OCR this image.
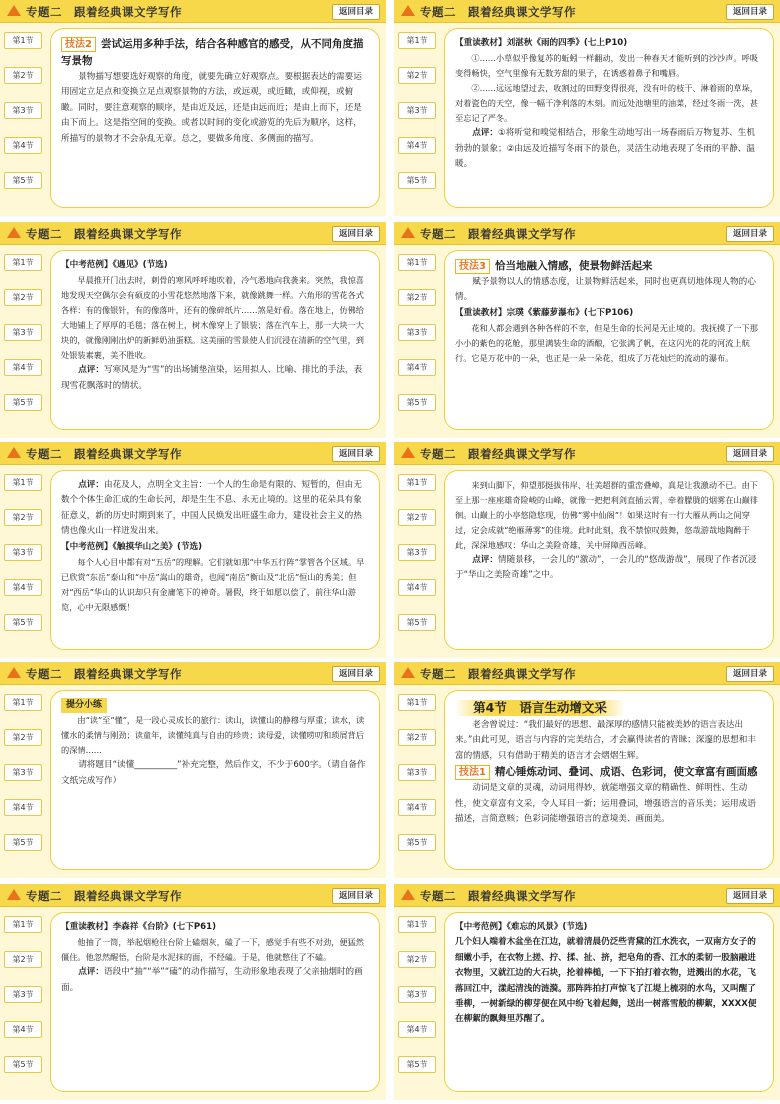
专题二　跟着经典课文学写作	返回目录
第1节
第2节
第3节
第4节
第5节

技法2 尝试运用多种手法，结合各种感官的感受，从不同角度描写景物

景物描写想要选好观察的角度，就要先确立好观察点。要根据表达的需要运用固定立足点和变换立足点观察景物的方法，或远观，或近瞰，或仰视，或俯瞰。同时，要注意观察的顺序，是由近及远，还是由远而近；是由上而下，还是由下而上。这是指空间的变换。或者以时间的变化或游览的先后为顺序，这样，所描写的景物才不会杂乱无章。总之，要做多角度、多侧面的描写。

专题二　跟着经典课文学写作	返回目录
第1节
第2节
第3节
第4节
第5节

【重读教材】刘湛秋《雨的四季》(七上P10)

①……小草似乎像复苏的蚯蚓一样翻动，发出一种春天才能听到的沙沙声。呼吸变得畅快，空气里像有无数芳甜的果子，在诱惑着鼻子和嘴唇。

②……远远地望过去，收割过的田野变得很亮，没有叶的枝干、淋着雨的草垛，对着瓷色的天空，像一幅干净利落的木刻。而远处池塘里的油菜，经过冬雨一洗，甚至忘记了严冬。

点评：①将听觉和嗅觉相结合，形象生动地写出一场春雨后万物复苏、生机勃勃的景象；②由远及近描写冬雨下的景色，灵活生动地表现了冬雨的平静、温暖。

专题二　跟着经典课文学写作	返回目录
第1节
第2节
第3节
第4节
第5节

【中考范例】《遇见》(节选)

早晨推开门出去时，刺骨的寒风呼呼地吹着，冷气悉地向我袭来。突然，我惊喜地发现天空偶尔会有硕皮的小雪花悠然地落下来，就像跳舞一样。六角形的雪花各式各样：有的像银针，有的像落叶，还有的像碎纸片……煞是好看。落在地上，仿佛给大地铺上了厚厚的毛毯；落在树上，树木像穿上了银装；落在汽车上，那一大块一大块的，就像刚刚出炉的新鲜奶油蛋糕。这美丽的雪景使人们沉浸在清新的空气里，到处银装素裹，美不胜收。

点评：写寒风是为“雪”的出场铺垫渲染，运用拟人、比喻、排比的手法，表现雪花飘落时的情状。

专题二　跟着经典课文学写作	返回目录
第1节
第2节
第3节
第4节
第5节

技法3 恰当地融入情感，使景物鲜活起来

赋予景物以人的情感态度，让景物鲜活起来，同时也更真切地体现人物的心情。

【重读教材】宗璞《紫藤萝瀑布》(七下P106)

花和人都会遇到各种各样的不幸，但是生命的长河是无止境的。我抚摸了一下那小小的紫色的花舱，那里满装生命的酒酿，它张满了帆，在这闪光的花的河流上航行。它是万花中的一朵，也正是一朵一朵花，组成了万花灿烂的流动的瀑布。

专题二　跟着经典课文学写作	返回目录
第1节
第2节
第3节
第4节
第5节

点评：由花及人，点明全文主旨：一个人的生命是有限的、短暂的，但由无数个个体生命汇成的生命长河，却是生生不息、永无止境的。这里的花朵具有象征意义，新的历史时期到来了，中国人民焕发出旺盛生命力，建设社会主义的热情也像火山一样迸发出来。

【中考范例】《触摸华山之美》(节选)

每个人心目中都有对“五岳”的理解。它们就如那“中华五行阵”掌管各个区域。早已欣赏“东岳”泰山和“中岳”嵩山的雄奇，也闻“南岳”衡山及“北岳”恒山的秀美；但对“西岳”华山的认识却只有金庸笔下的神奇。暑假，终于如愿以偿了，前往华山游览，心中无限感慨！

专题二　跟着经典课文学写作	返回目录
第1节
第2节
第3节
第4节
第5节

来到山脚下，仰望那挺拔伟岸、壮美超群的重峦叠嶂，真是让我激动不已。由下至上那一座座雄奇险峻的山峰，就像一把把利剑直插云霄，牵着朦胧的烟雾在山巅徘徊。山巅上的小亭悠隐悠现，仿佛“雾中仙阁”！如果这时有一行大雁从两山之间穿过，定会成就“绝雁薄雾”的佳境。此时此刻，我不禁惊叹鼓舞，悠哉游哉地陶醉于此，深深地感叹：华山之美险奇雄，关中屏障西岳峰。

点评：情随景移，一会儿的“激动”，一会儿的“悠哉游哉”，展现了作者沉浸于“华山之美险奇雄”之中。

专题二　跟着经典课文学写作	返回目录
第1节
第2节
第3节
第4节
第5节

提分小练

由“读”至“懂”，是一段心灵成长的旅行：读山，读懂山的静穆与厚重；读水，读懂水的柔情与刚劲；读童年，读懂纯真与自由的珍贵；读母爱，读懂唠叨和琐屑背后的深情……

请将题目“读懂__________”补充完整，然后作文，不少于600字。（请自备作文纸完成写作）

专题二　跟着经典课文学写作	返回目录
第1节
第2节
第3节
第4节
第5节

第4节　语言生动增文采

老舍曾说过：“我们最好的思想、最深厚的感情只能被美妙的语言表达出来。”由此可见，语言与内容的完美结合，才会赢得读者的青睐；深邃的思想和丰富的情感，只有借助于精美的语言才会熠熠生辉。

技法1 精心锤炼动词、叠词、成语、色彩词，使文章富有画面感

动词是文章的灵魂，动词用得妙，就能增强文章的精确性、鲜明性、生动性，使文章富有文采，令人耳目一新；运用叠词，增强语言的音乐美；运用成语描述，言简意赅；色彩词能增强语言的意境美、画面美。

专题二　跟着经典课文学写作	返回目录
第1节
第2节
第3节
第4节
第5节

【重读教材】李森祥《台阶》(七下P61)

他抽了一筒，举起烟枪往台阶上磕烟灰，磕了一下，感觉手有些不对劲，便猛然僵住。他忽然醒悟，台阶是水泥抹的面，不经磕。于是，他就憋住了不磕。

点评：语段中“抽”“举”“磕”的动作描写，生动形象地表现了父亲抽烟时的画面。

专题二　跟着经典课文学写作	返回目录
第1节
第2节
第3节
第4节
第5节

【中考范例】《难忘的风景》(节选)

几个妇人端着木盆坐在江边，就着清晨仍泛些青黛的江水洗衣，一双南方女子的细嫩小手，在衣物上搓、拧、揉、扯、挤，把皂角的香、江水的柔韧一股脑融进衣物里，又就江边的大石块，抡着棒槌，一下下拍打着衣物，迸溅出的水花，飞落回江中，漾起清浅的涟漪。那阵阵拍打声惊飞了江堤上梳羽的水鸟，又叫醒了垂柳，一树新绿的柳芽便在风中纷飞着起舞，送出一树落雪般的柳絮，XXXX便在柳絮的飘舞里苏醒了。
